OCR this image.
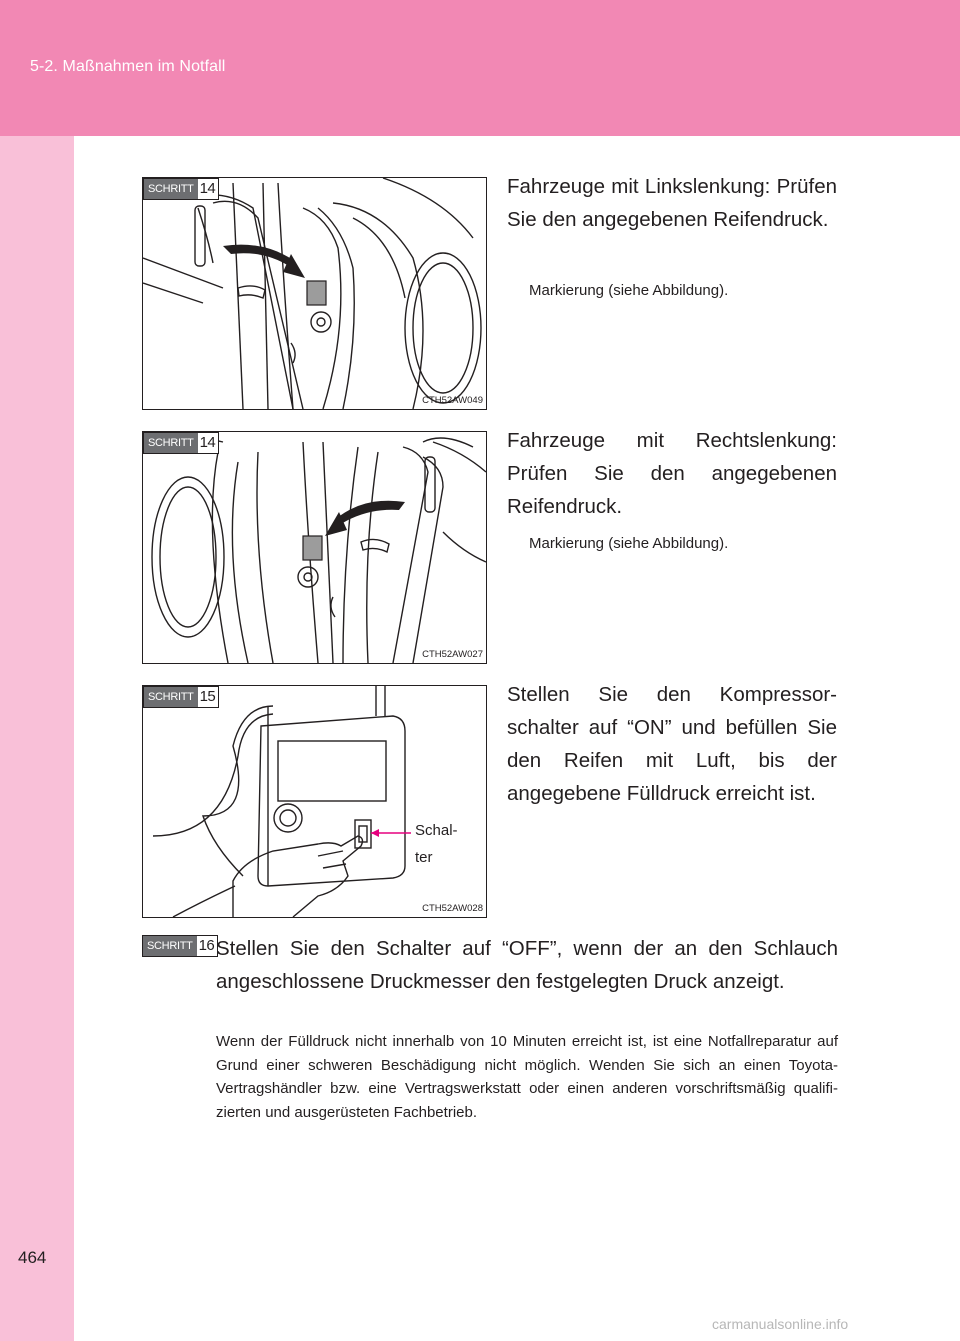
5-2. Maßnahmen im Notfall
SCHRITT 14
CTH52AW049
Fahrzeuge mit Linkslenkung: Prüfen Sie den angegebenen Reifendruck.
Markierung (siehe Abbildung).
SCHRITT 14
CTH52AW027
Fahrzeuge mit Rechtslenkung: Prüfen Sie den angegebenen Reifendruck.
Markierung (siehe Abbildung).
SCHRITT 15
CTH52AW028
Schal-
ter
Stellen Sie den Kompressor-schalter auf “ON” und befüllen Sie den Reifen mit Luft, bis der angegebene Fülldruck erreicht ist.
SCHRITT 16 Stellen Sie den Schalter auf “OFF”, wenn der an den Schlauch angeschlossene Druckmesser den festgelegten Druck anzeigt.
Wenn der Fülldruck nicht innerhalb von 10 Minuten erreicht ist, ist eine Notfallreparatur auf Grund einer schweren Beschädigung nicht möglich. Wenden Sie sich an einen Toyota-Vertragshändler bzw. eine Vertragswerkstatt oder einen anderen vorschriftsmäßig qualifi-zierten und ausgerüsteten Fachbetrieb.
464
carmanualsonline.info
